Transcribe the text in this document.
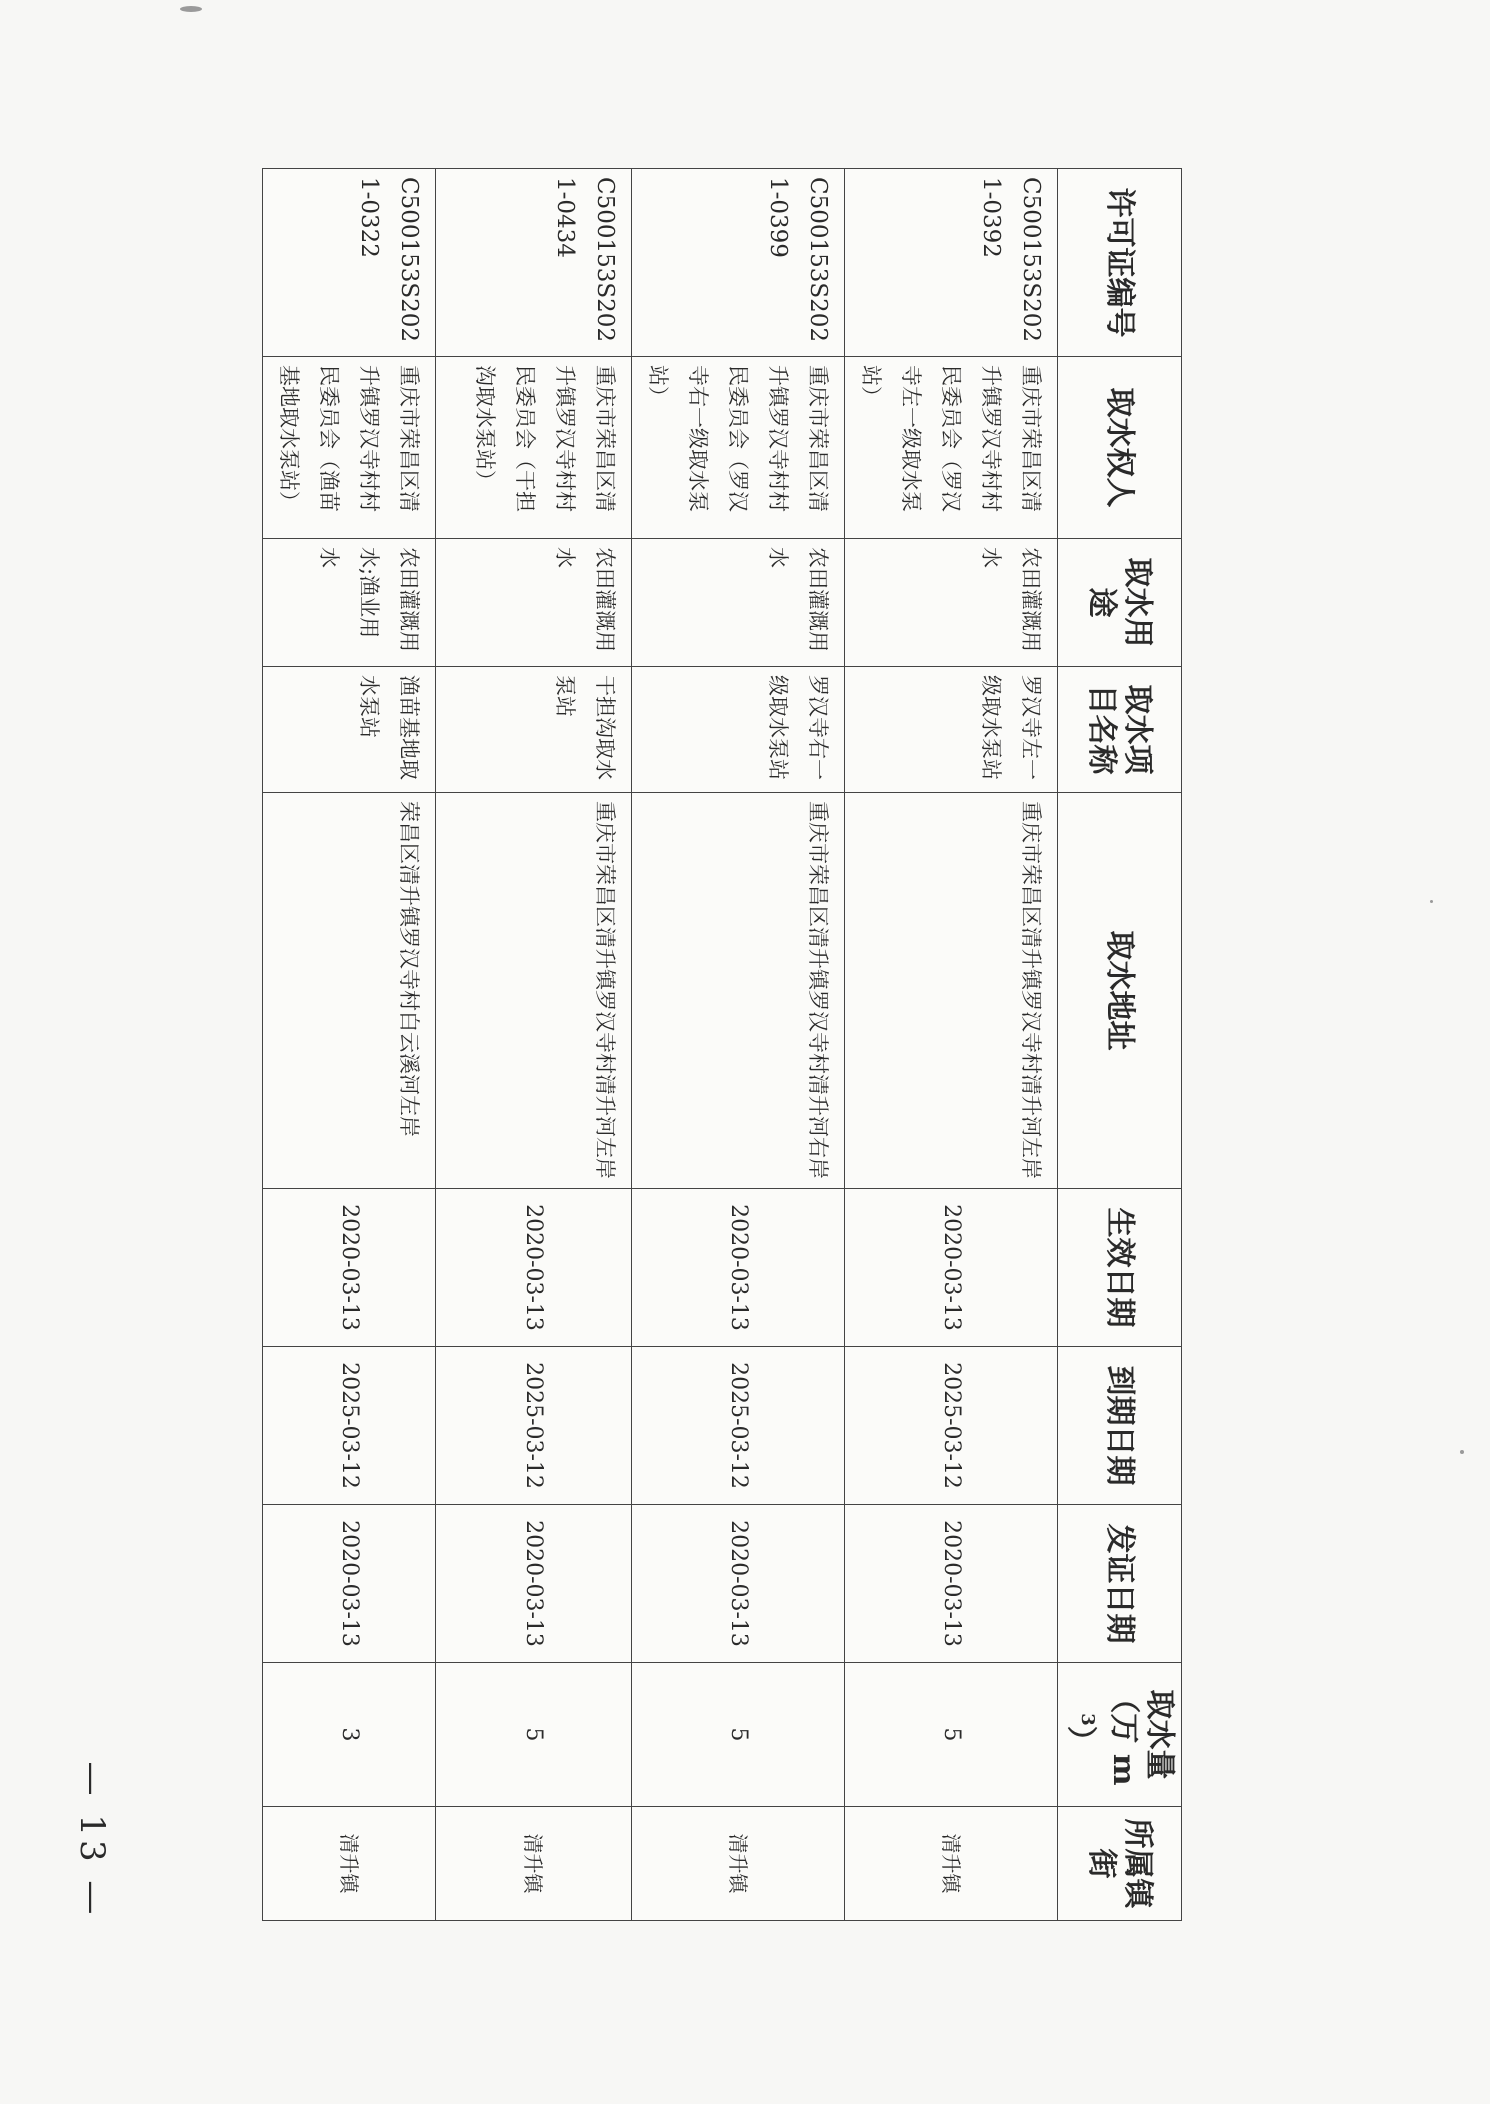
许可证编号	取水权人	取水用途	取水项目名称	取水地址	生效日期	到期日期	发证日期	取水量（万 $m^3$）	所属镇街
C500153S2021-0392	重庆市荣昌区清升镇罗汉寺村村民委员会（罗汉寺左一级取水泵站）	农田灌溉用水	罗汉寺左一级取水泵站	重庆市荣昌区清升镇罗汉寺村清升河左岸	2020-03-13	2025-03-12	2020-03-13	5	清升镇
C500153S2021-0399	重庆市荣昌区清升镇罗汉寺村村民委员会（罗汉寺右一级取水泵站）	农田灌溉用水	罗汉寺右一级取水泵站	重庆市荣昌区清升镇罗汉寺村清升河右岸	2020-03-13	2025-03-12	2020-03-13	5	清升镇
C500153S2021-0434	重庆市荣昌区清升镇罗汉寺村村民委员会（干担沟取水泵站）	农田灌溉用水	干担沟取水泵站	重庆市荣昌区清升镇罗汉寺村清升河左岸	2020-03-13	2025-03-12	2020-03-13	5	清升镇
C500153S2021-0322	重庆市荣昌区清升镇罗汉寺村村民委员会（渔苗基地取水泵站）	农田灌溉用水;渔业用水	渔苗基地取水泵站	荣昌区清升镇罗汉寺村白云溪河左岸	2020-03-13	2025-03-12	2020-03-13	3	清升镇
— 13 —
